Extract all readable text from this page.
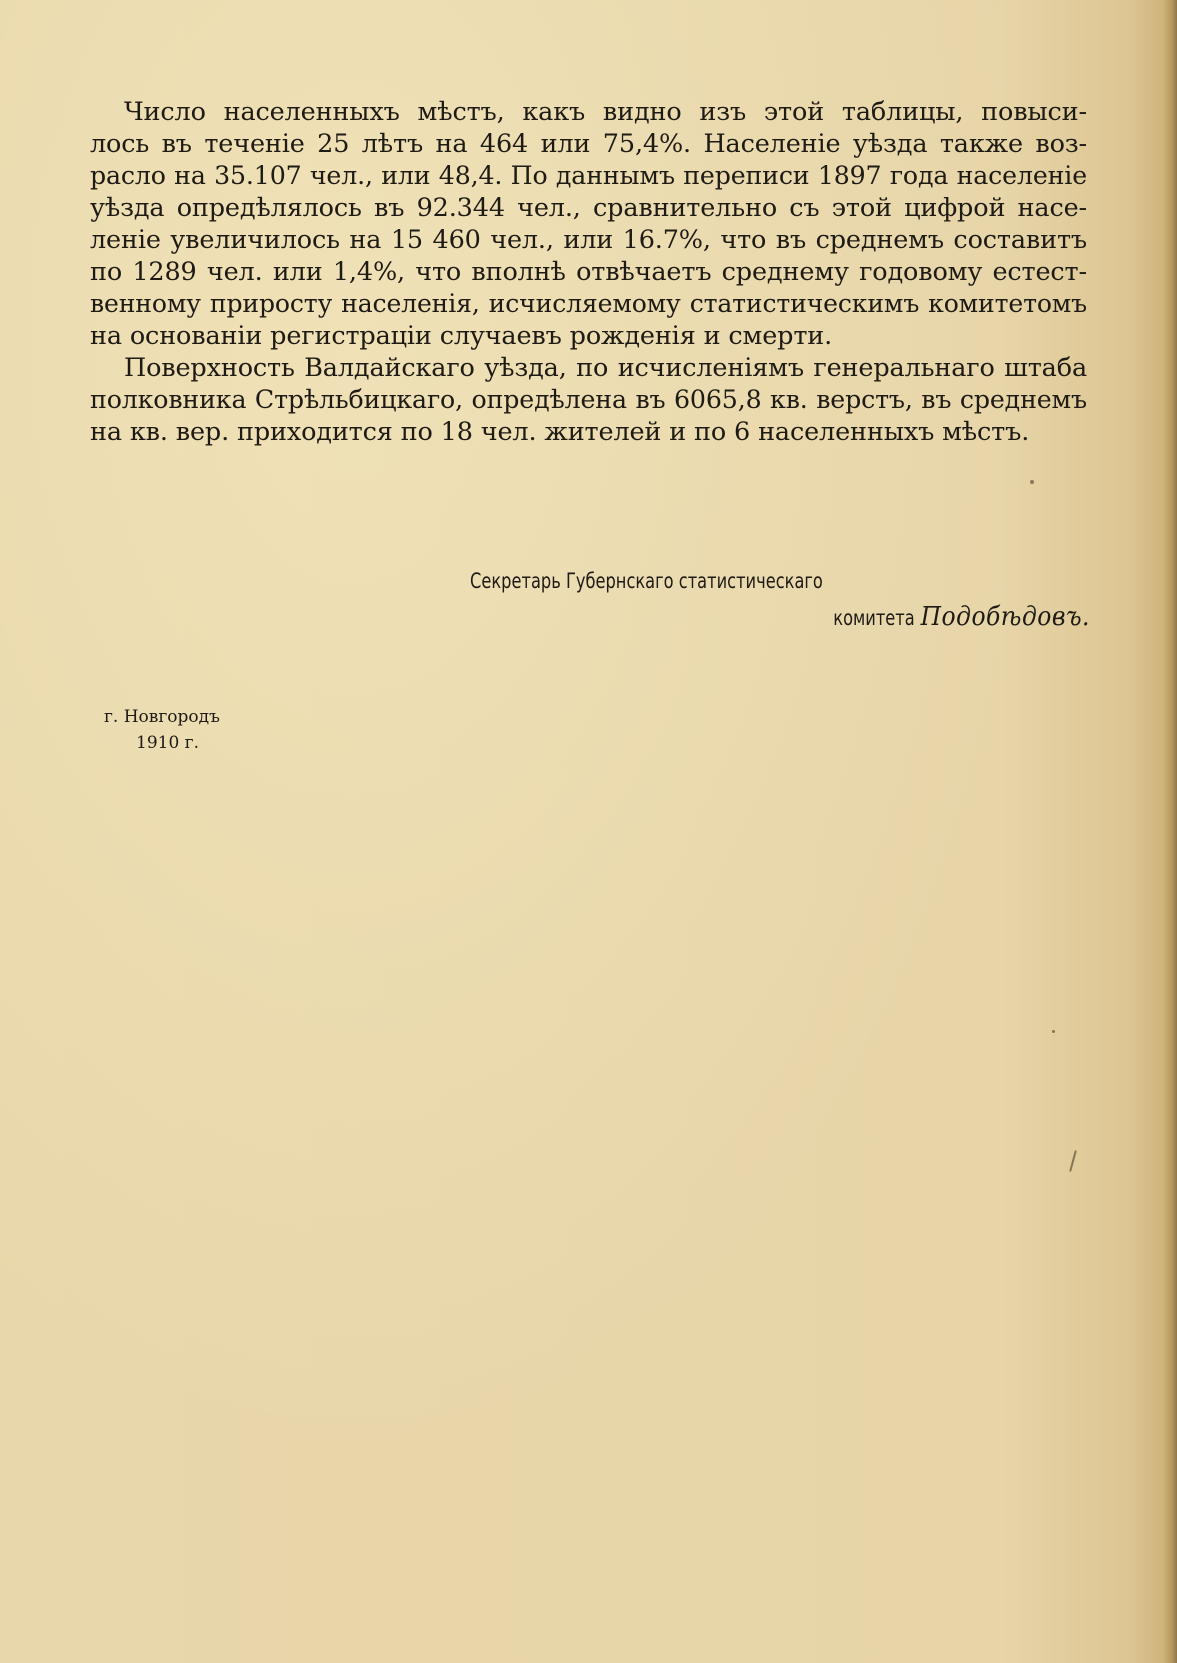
Число населенныхъ мѣстъ, какъ видно изъ этой таблицы, повыси-
лось въ теченіе 25 лѣтъ на 464 или 75,4%. Населеніе уѣзда также воз-
расло на 35.107 чел., или 48,4. По даннымъ переписи 1897 года населеніе
уѣзда опредѣлялось въ 92.344 чел., сравнительно съ этой цифрой насе-
леніе увеличилось на 15 460 чел., или 16.7%, что въ среднемъ составитъ
по 1289 чел. или 1,4%, что вполнѣ отвѣчаетъ среднему годовому естест-
венному приросту населенія, исчисляемому статистическимъ комитетомъ
на основаніи регистраціи случаевъ рожденія и смерти.
Поверхность Валдайскаго уѣзда, по исчисленіямъ генеральнаго штаба
полковника Стрѣльбицкаго, опредѣлена въ 6065,8 кв. верстъ, въ среднемъ
на кв. вер. приходится по 18 чел. жителей и по 6 населенныхъ мѣстъ.
Секретарь Губернскаго статистическаго
комитета Подобѣдовъ.
г. Новгородъ
1910 г.
